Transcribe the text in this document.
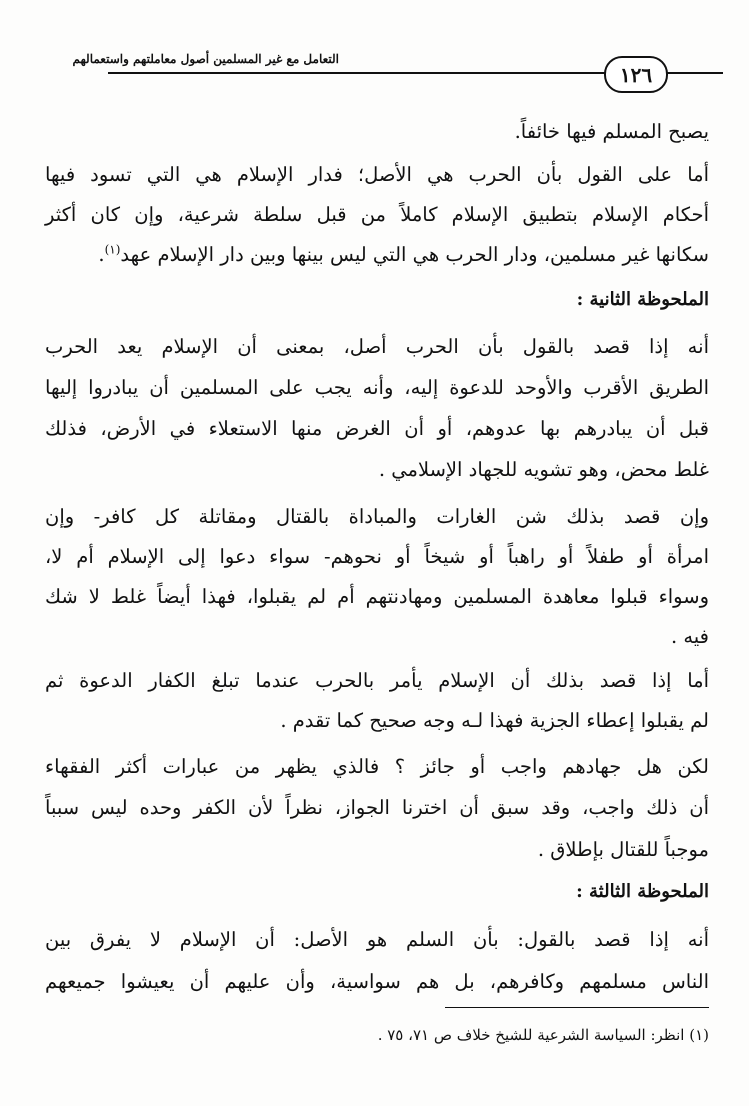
التعامل مع غير المسلمين أصول معاملتهم واستعمالهم
١٢٦
يصبح المسلم فيها خائفاً.
أما على القول بأن الحرب هي الأصل؛ فدار الإسلام هي التي تسود فيها
أحكام الإسلام بتطبيق الإسلام كاملاً من قبل سلطة شرعية، وإن كان أكثر
سكانها غير مسلمين، ودار الحرب هي التي ليس بينها وبين دار الإسلام عهد$^{(١)}$.
الملحوظة الثانية :
أنه إذا قصد بالقول بأن الحرب أصل، بمعنى أن الإسلام يعد الحرب
الطريق الأقرب والأوحد للدعوة إليه، وأنه يجب على المسلمين أن يبادروا إليها
قبل أن يبادرهم بها عدوهم، أو أن الغرض منها الاستعلاء في الأرض، فذلك
غلط محض، وهو تشويه للجهاد الإسلامي .
وإن قصد بذلك شن الغارات والمباداة بالقتال ومقاتلة كل كافر- وإن
امرأة أو طفلاً أو راهباً أو شيخاً أو نحوهم- سواء دعوا إلى الإسلام أم لا،
وسواء قبلوا معاهدة المسلمين ومهادنتهم أم لم يقبلوا، فهذا أيضاً غلط لا شك
فيه .
أما إذا قصد بذلك أن الإسلام يأمر بالحرب عندما تبلغ الكفار الدعوة ثم
لم يقبلوا إعطاء الجزية فهذا لـه وجه صحيح كما تقدم .
لكن هل جهادهم واجب أو جائز ؟ فالذي يظهر من عبارات أكثر الفقهاء
أن ذلك واجب، وقد سبق أن اخترنا الجواز، نظراً لأن الكفر وحده ليس سبباً
موجباً للقتال بإطلاق .
الملحوظة الثالثة :
أنه إذا قصد بالقول: بأن السلم هو الأصل: أن الإسلام لا يفرق بين
الناس مسلمهم وكافرهم، بل هم سواسية، وأن عليهم أن يعيشوا جميعهم
(١) انظر: السياسة الشرعية للشيخ خلاف ص ٧١، ٧٥ .
